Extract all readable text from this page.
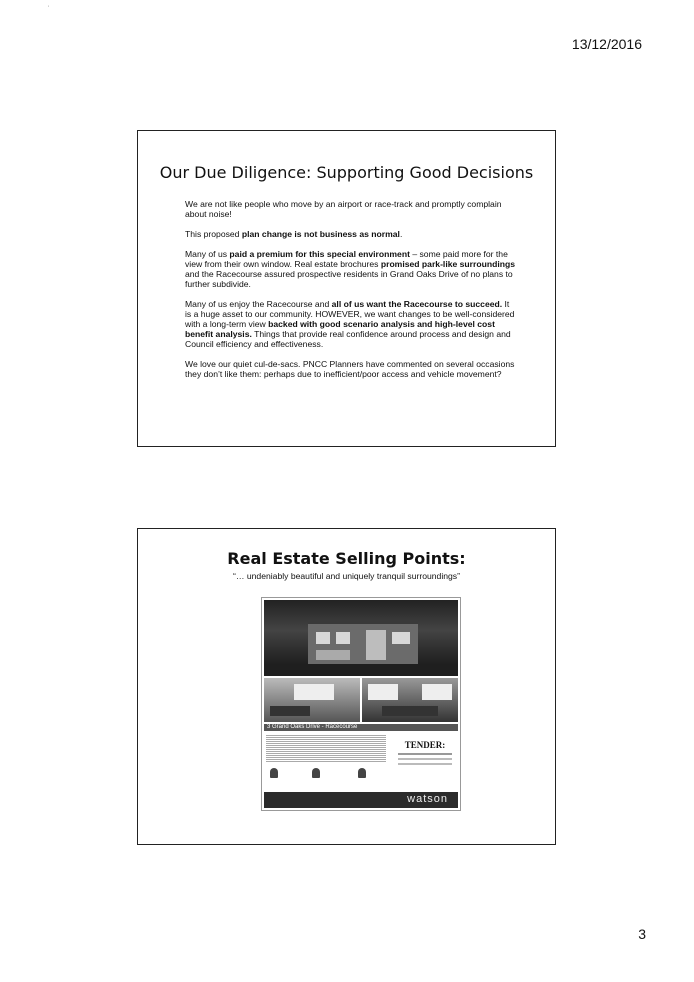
'
13/12/2016
Our Due Diligence: Supporting Good Decisions

We are not like people who move by an airport or race-track and promptly complain about noise!

This proposed plan change is not business as normal.

Many of us paid a premium for this special environment – some paid more for the view from their own window. Real estate brochures promised park-like surroundings and the Racecourse assured prospective residents in Grand Oaks Drive of no plans to further subdivide.

Many of us enjoy the Racecourse and all of us want the Racecourse to succeed. It is a huge asset to our community. HOWEVER, we want changes to be well-considered with a long-term view backed with good scenario analysis and high-level cost benefit analysis. Things that provide real confidence around process and design and Council efficiency and effectiveness.

We love our quiet cul-de-sacs. PNCC Planners have commented on several occasions they don’t like them: perhaps due to inefficient/poor access and vehicle movement?

Real Estate Selling Points:
“… undeniably beautiful and uniquely tranquil surroundings”
3 Grand Oaks Drive - Racecourse
TENDER:
watson
3
